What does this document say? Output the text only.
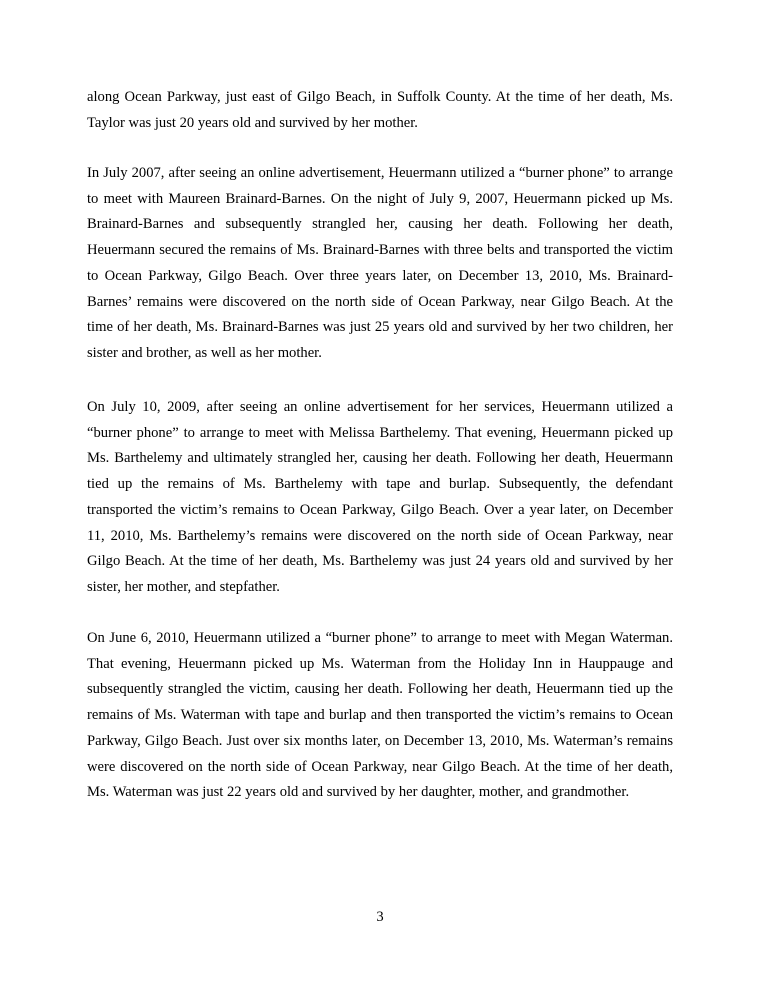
along Ocean Parkway, just east of Gilgo Beach, in Suffolk County. At the time of her death, Ms. Taylor was just 20 years old and survived by her mother.
In July 2007, after seeing an online advertisement, Heuermann utilized a “burner phone” to arrange to meet with Maureen Brainard-Barnes. On the night of July 9, 2007, Heuermann picked up Ms. Brainard-Barnes and subsequently strangled her, causing her death. Following her death, Heuermann secured the remains of Ms. Brainard-Barnes with three belts and transported the victim to Ocean Parkway, Gilgo Beach. Over three years later, on December 13, 2010, Ms. Brainard-Barnes’ remains were discovered on the north side of Ocean Parkway, near Gilgo Beach. At the time of her death, Ms. Brainard-Barnes was just 25 years old and survived by her two children, her sister and brother, as well as her mother.
On July 10, 2009, after seeing an online advertisement for her services, Heuermann utilized a “burner phone” to arrange to meet with Melissa Barthelemy. That evening, Heuermann picked up Ms. Barthelemy and ultimately strangled her, causing her death. Following her death, Heuermann tied up the remains of Ms. Barthelemy with tape and burlap. Subsequently, the defendant transported the victim’s remains to Ocean Parkway, Gilgo Beach. Over a year later, on December 11, 2010, Ms. Barthelemy’s remains were discovered on the north side of Ocean Parkway, near Gilgo Beach. At the time of her death, Ms. Barthelemy was just 24 years old and survived by her sister, her mother, and stepfather.
On June 6, 2010, Heuermann utilized a “burner phone” to arrange to meet with Megan Waterman. That evening, Heuermann picked up Ms. Waterman from the Holiday Inn in Hauppauge and subsequently strangled the victim, causing her death. Following her death, Heuermann tied up the remains of Ms. Waterman with tape and burlap and then transported the victim’s remains to Ocean Parkway, Gilgo Beach. Just over six months later, on December 13, 2010, Ms. Waterman’s remains were discovered on the north side of Ocean Parkway, near Gilgo Beach. At the time of her death, Ms. Waterman was just 22 years old and survived by her daughter, mother, and grandmother.
3
